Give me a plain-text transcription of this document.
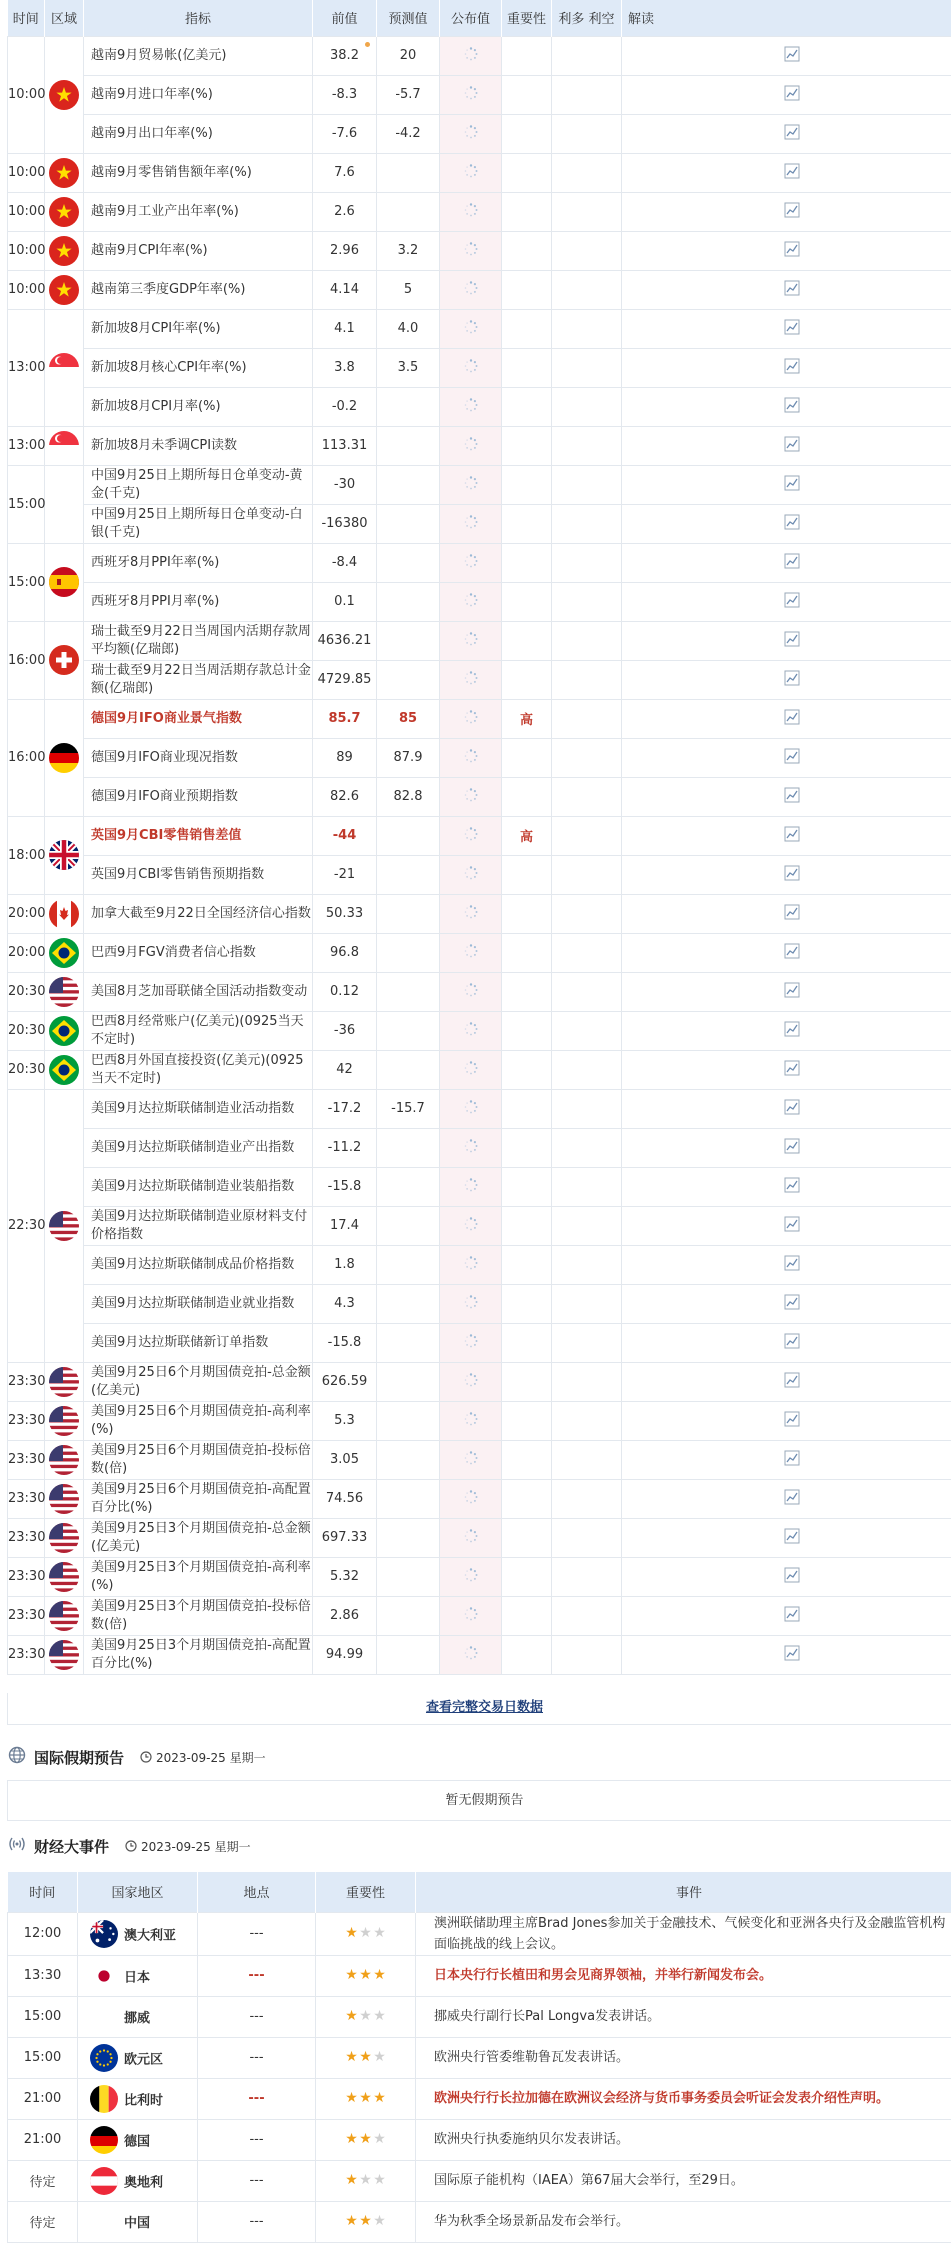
时间	区域	指标	前值	预测值	公布值	重要性	利多 利空	解读
10:00		越南9月贸易帐(亿美元)	38.2	20				
		越南9月进口年率(%)	-8.3	-5.7				
		越南9月出口年率(%)	-7.6	-4.2				
10:00		越南9月零售销售额年率(%)	7.6					
10:00		越南9月工业产出年率(%)	2.6					
10:00		越南9月CPI年率(%)	2.96	3.2				
10:00		越南第三季度GDP年率(%)	4.14	5				
13:00		新加坡8月CPI年率(%)	4.1	4.0				
		新加坡8月核心CPI年率(%)	3.8	3.5				
		新加坡8月CPI月率(%)	-0.2					
13:00		新加坡8月未季调CPI读数	113.31					
15:00		中国9月25日上期所每日仓单变动-黄金(千克)	-30					
		中国9月25日上期所每日仓单变动-白银(千克)	-16380					
15:00		西班牙8月PPI年率(%)	-8.4					
		西班牙8月PPI月率(%)	0.1					
16:00		瑞士截至9月22日当周国内活期存款周平均额(亿瑞郎)	4636.21					
		瑞士截至9月22日当周活期存款总计金额(亿瑞郎)	4729.85					
16:00		德国9月IFO商业景气指数	85.7	85		高		
		德国9月IFO商业现况指数	89	87.9				
		德国9月IFO商业预期指数	82.6	82.8				
18:00		英国9月CBI零售销售差值	-44			高		
		英国9月CBI零售销售预期指数	-21					
20:00		加拿大截至9月22日全国经济信心指数	50.33					
20:00		巴西9月FGV消费者信心指数	96.8					
20:30		美国8月芝加哥联储全国活动指数变动	0.12					
20:30		巴西8月经常账户(亿美元)(0925当天不定时)	-36					
20:30		巴西8月外国直接投资(亿美元)(0925当天不定时)	42					
22:30		美国9月达拉斯联储制造业活动指数	-17.2	-15.7				
		美国9月达拉斯联储制造业产出指数	-11.2					
		美国9月达拉斯联储制造业装船指数	-15.8					
		美国9月达拉斯联储制造业原材料支付价格指数	17.4					
		美国9月达拉斯联储制成品价格指数	1.8					
		美国9月达拉斯联储制造业就业指数	4.3					
		美国9月达拉斯联储新订单指数	-15.8					
23:30		美国9月25日6个月期国债竞拍-总金额(亿美元)	626.59					
23:30		美国9月25日6个月期国债竞拍-高利率(%)	5.3					
23:30		美国9月25日6个月期国债竞拍-投标倍数(倍)	3.05					
23:30		美国9月25日6个月期国债竞拍-高配置百分比(%)	74.56					
23:30		美国9月25日3个月期国债竞拍-总金额(亿美元)	697.33					
23:30		美国9月25日3个月期国债竞拍-高利率(%)	5.32					
23:30		美国9月25日3个月期国债竞拍-投标倍数(倍)	2.86					
23:30		美国9月25日3个月期国债竞拍-高配置百分比(%)	94.99					
查看完整交易日数据
国际假期预告	2023-09-25 星期一
暂无假期预告
财经大事件	2023-09-25 星期一
时间	国家地区	地点	重要性	事件
12:00	澳大利亚	---	★★★	澳洲联储助理主席Brad Jones参加关于金融技术、气候变化和亚洲各央行及金融监管机构面临挑战的线上会议。
13:30	日本	---	★★★	日本央行行长植田和男会见商界领袖，并举行新闻发布会。
15:00	挪威	---	★★★	挪威央行副行长Pal Longva发表讲话。
15:00	欧元区	---	★★★	欧洲央行管委维勒鲁瓦发表讲话。
21:00	比利时	---	★★★	欧洲央行行长拉加德在欧洲议会经济与货币事务委员会听证会发表介绍性声明。
21:00	德国	---	★★★	欧洲央行执委施纳贝尔发表讲话。
待定	奥地利	---	★★★	国际原子能机构（IAEA）第67届大会举行，至29日。
待定	中国	---	★★★	华为秋季全场景新品发布会举行。
